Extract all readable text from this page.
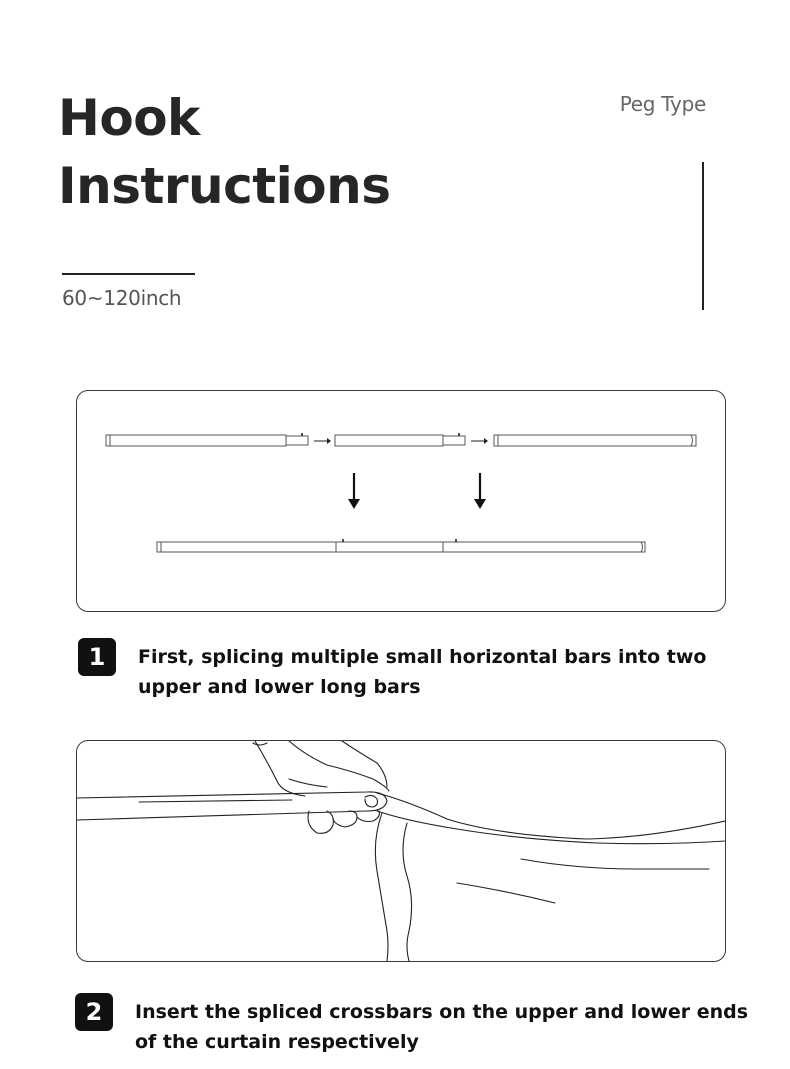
Hook
Instructions
60~120inch
Peg Type
1	First, splicing multiple small horizontal bars into two upper and lower long bars

2	Insert the spliced crossbars on the upper and lower ends of the curtain respectively
